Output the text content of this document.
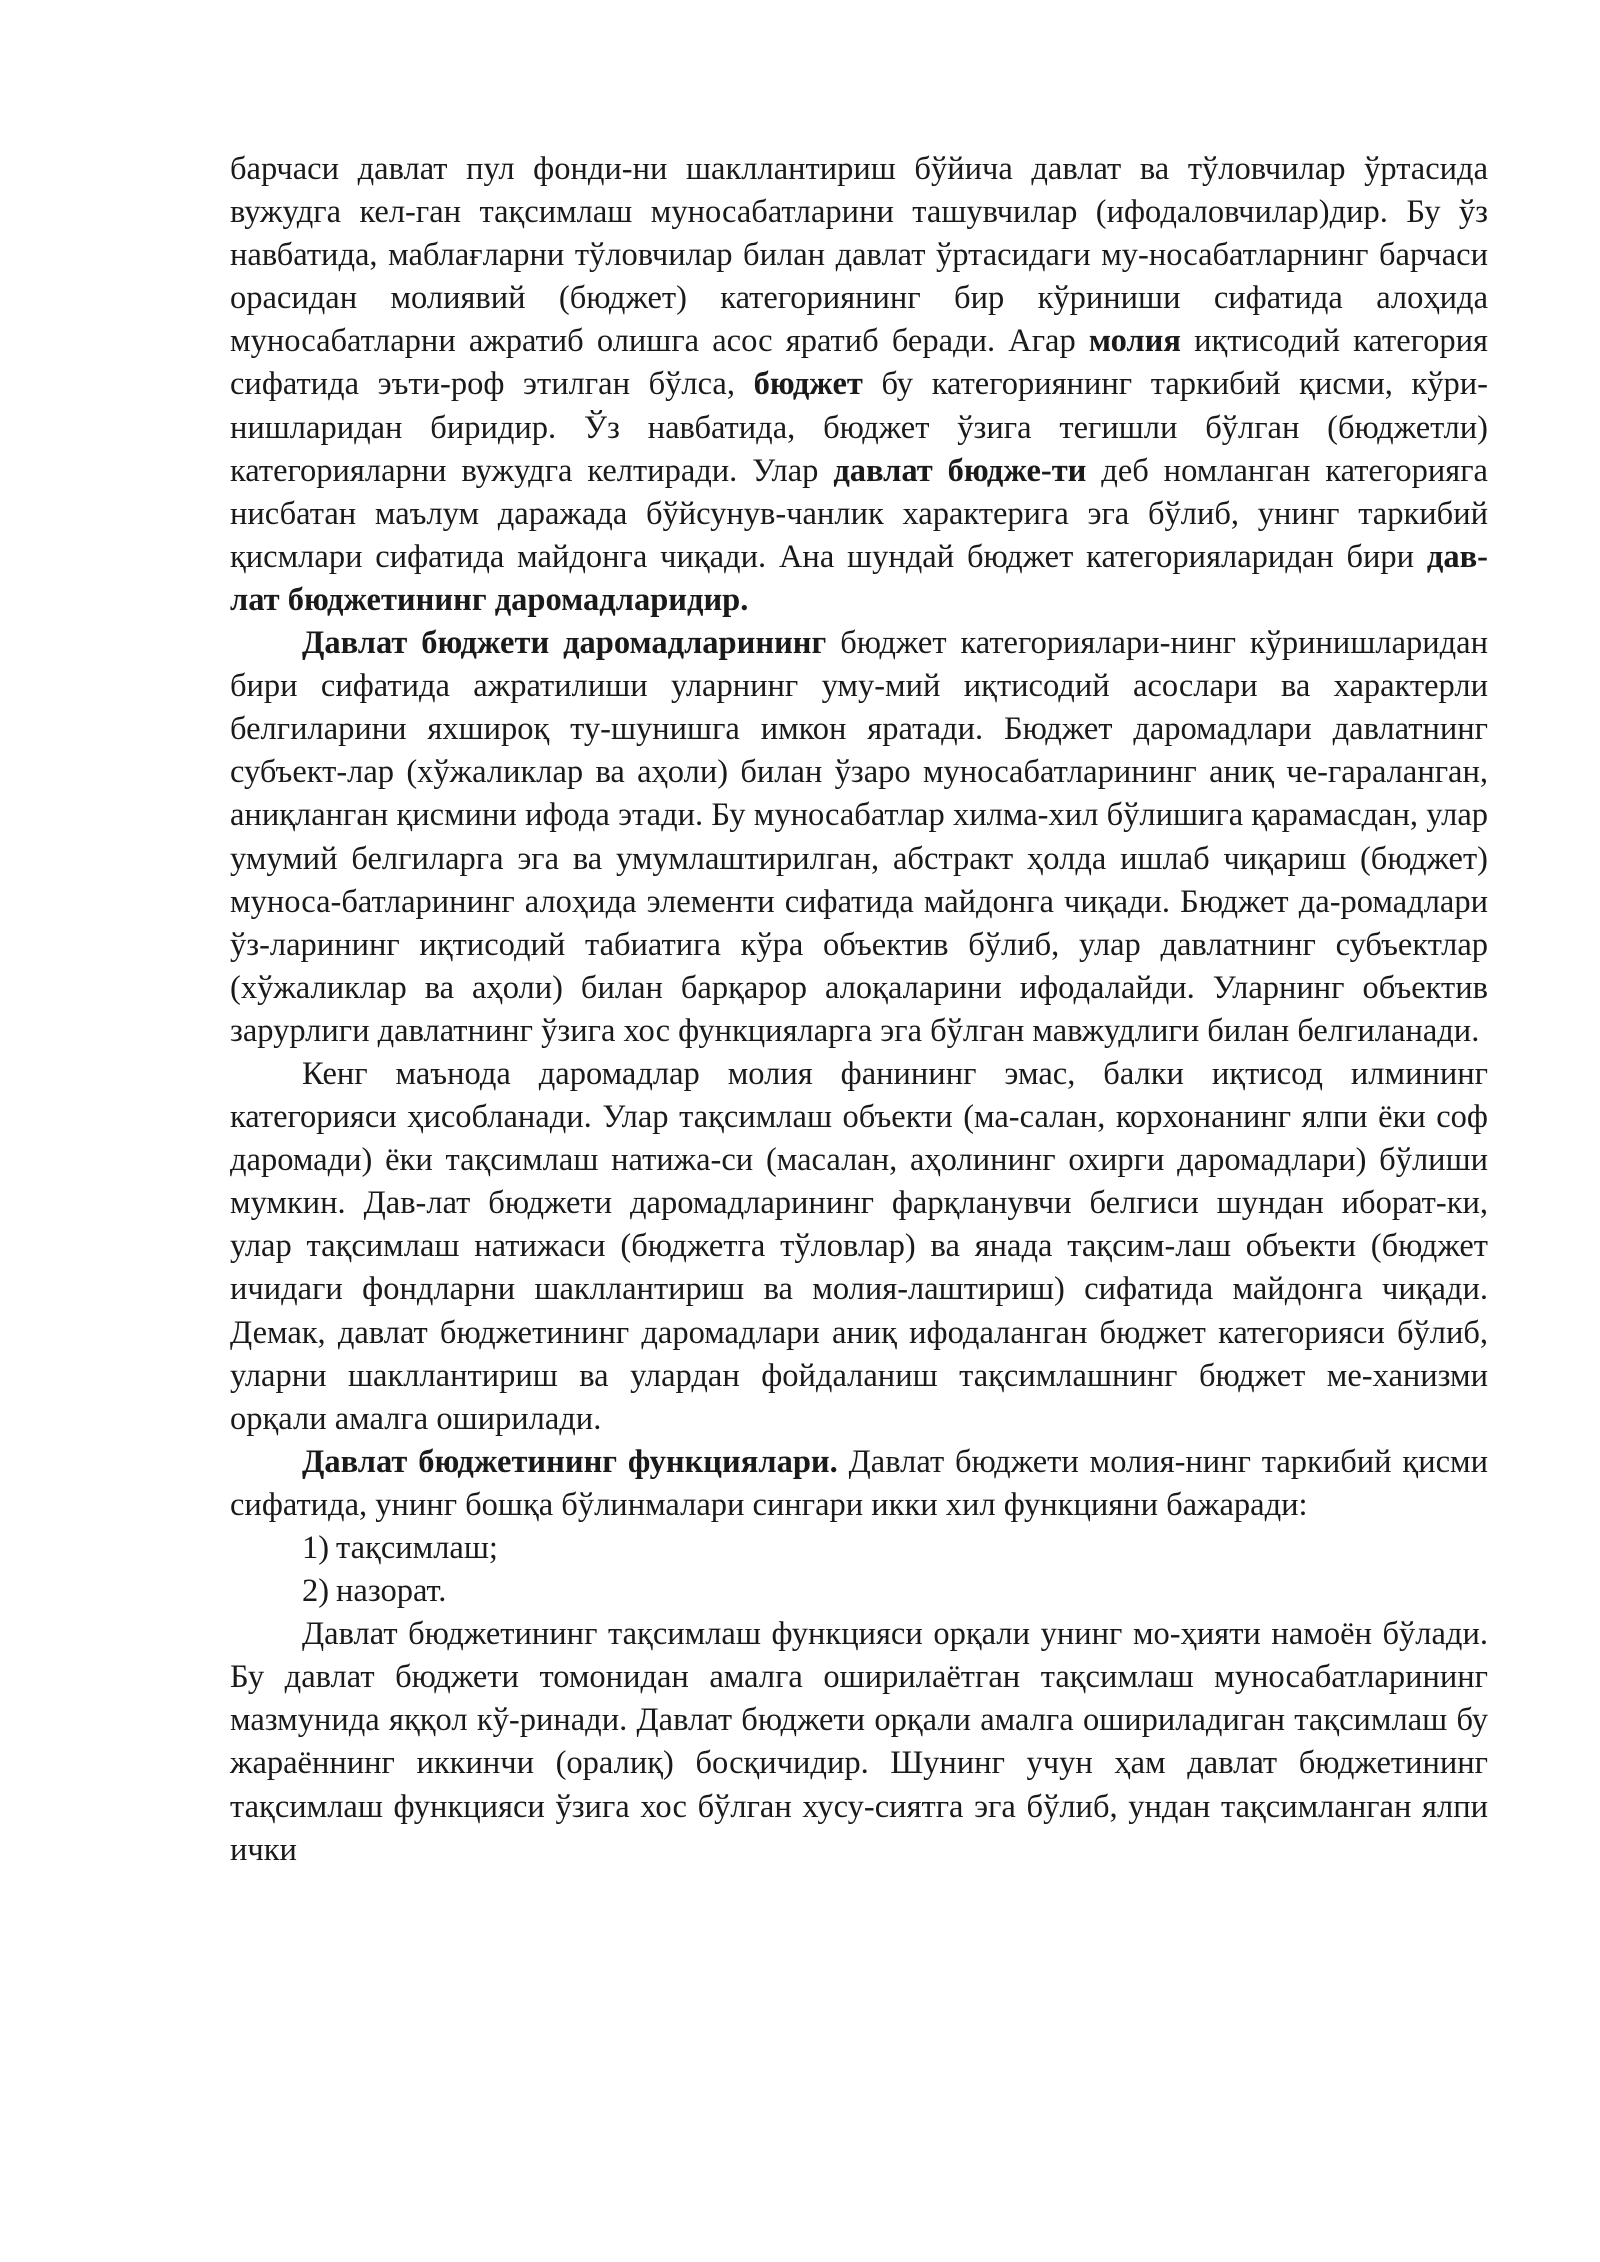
барчаси давлат пул фонди-ни шакллантириш бўйича давлат ва тўловчилар ўртасида вужудга кел-ган тақсимлаш муносабатларини ташувчилар (ифодаловчилар)дир. Бу ўз навбатида, маблағларни тўловчилар билан давлат ўртасидаги му-носабатларнинг барчаси орасидан молиявий (бюджет) категориянинг бир кўриниши сифатида алоҳида муносабатларни ажратиб олишга асос яратиб беради. Агар молия иқтисодий категория сифатида эъти-роф этилган бўлса, бюджет бу категориянинг таркибий қисми, кўри-нишларидан биридир. Ўз навбатида, бюджет ўзига тегишли бўлган (бюджетли) категорияларни вужудга келтиради. Улар давлат бюдже-ти деб номланган категорияга нисбатан маълум даражада бўйсунув-чанлик характерига эга бўлиб, унинг таркибий қисмлари сифатида майдонга чиқади. Ана шундай бюджет категорияларидан бири дав-лат бюджетининг даромадларидир.

Давлат бюджети даромадларининг бюджет категориялари-нинг кўринишларидан бири сифатида ажратилиши уларнинг уму-мий иқтисодий асослари ва характерли белгиларини яхшироқ ту-шунишга имкон яратади. Бюджет даромадлари давлатнинг субъект-лар (хўжаликлар ва аҳоли) билан ўзаро муносабатларининг аниқ че-гараланган, аниқланган қисмини ифода этади. Бу муносабатлар хилма-хил бўлишига қарамасдан, улар умумий белгиларга эга ва умумлаштирилган, абстракт ҳолда ишлаб чиқариш (бюджет) муноса-батларининг алоҳида элементи сифатида майдонга чиқади. Бюджет да-ромадлари ўз-ларининг иқтисодий табиатига кўра объектив бўлиб, улар давлатнинг субъектлар (хўжаликлар ва аҳоли) билан барқарор алоқаларини ифодалайди. Уларнинг объектив зарурлиги давлатнинг ўзига хос функцияларга эга бўлган мавжудлиги билан белгиланади.

Кенг маънода даромадлар молия фанининг эмас, балки иқтисод илмининг категорияси ҳисобланади. Улар тақсимлаш объекти (ма-салан, корхонанинг ялпи ёки соф даромади) ёки тақсимлаш натижа-си (масалан, аҳолининг охирги даромадлари) бўлиши мумкин. Дав-лат бюджети даромадларининг фарқланувчи белгиси шундан иборат-ки, улар тақсимлаш натижаси (бюджетга тўловлар) ва янада тақсим-лаш объекти (бюджет ичидаги фондларни шакллантириш ва молия-лаштириш) сифатида майдонга чиқади. Демак, давлат бюджетининг даромадлари аниқ ифодаланган бюджет категорияси бўлиб, уларни шакллантириш ва улардан фойдаланиш тақсимлашнинг бюджет ме-ханизми орқали амалга оширилади.

Давлат бюджетининг функциялари. Давлат бюджети молия-нинг таркибий қисми сифатида, унинг бошқа бўлинмалари сингари икки хил функцияни бажаради:

1) тақсимлаш;
2) назорат.

Давлат бюджетининг тақсимлаш функцияси орқали унинг мо-ҳияти намоён бўлади. Бу давлат бюджети томонидан амалга оширилаётган тақсимлаш муносабатларининг мазмунида яққол кў-ринади. Давлат бюджети орқали амалга ошириладиган тақсимлаш бу жараённинг иккинчи (оралиқ) босқичидир. Шунинг учун ҳам давлат бюджетининг тақсимлаш функцияси ўзига хос бўлган хусу-сиятга эга бўлиб, ундан тақсимланган ялпи ички
